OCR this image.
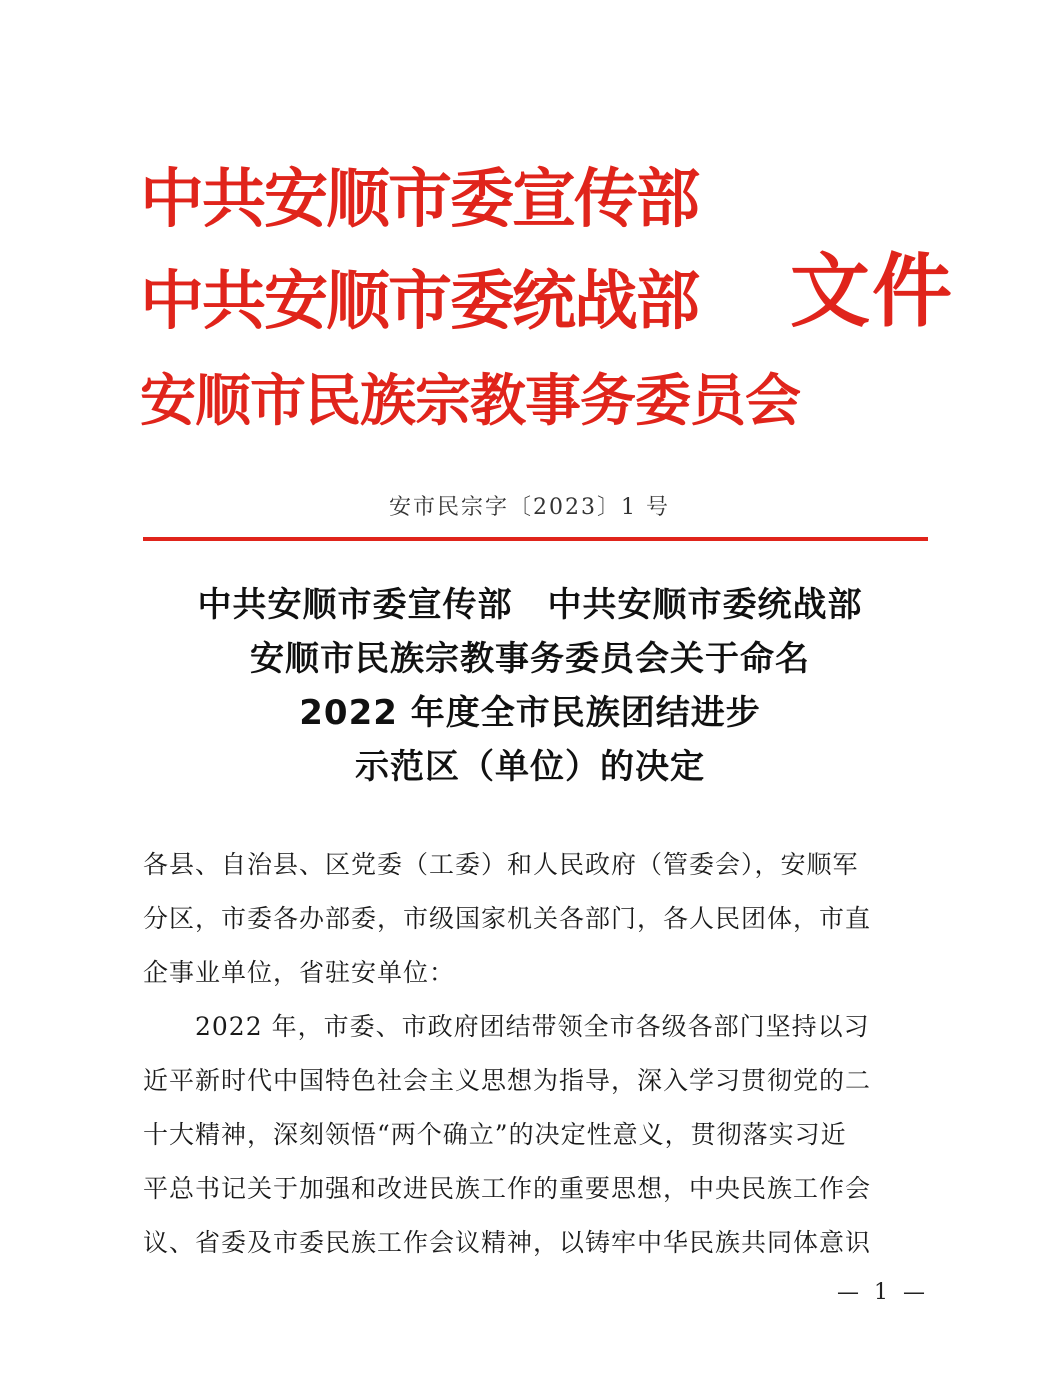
中共安顺市委宣传部
中共安顺市委统战部
安顺市民族宗教事务委员会
文件
安市民宗字〔2023〕1 号
中共安顺市委宣传部　中共安顺市委统战部
安顺市民族宗教事务委员会关于命名
2022 年度全市民族团结进步
示范区（单位）的决定

各县、自治县、区党委（工委）和人民政府（管委会），安顺军
分区，市委各办部委，市级国家机关各部门，各人民团体，市直
企事业单位，省驻安单位：

2022 年，市委、市政府团结带领全市各级各部门坚持以习
近平新时代中国特色社会主义思想为指导，深入学习贯彻党的二
十大精神，深刻领悟“两个确立”的决定性意义，贯彻落实习近
平总书记关于加强和改进民族工作的重要思想，中央民族工作会
议、省委及市委民族工作会议精神，以铸牢中华民族共同体意识

— 1 —
